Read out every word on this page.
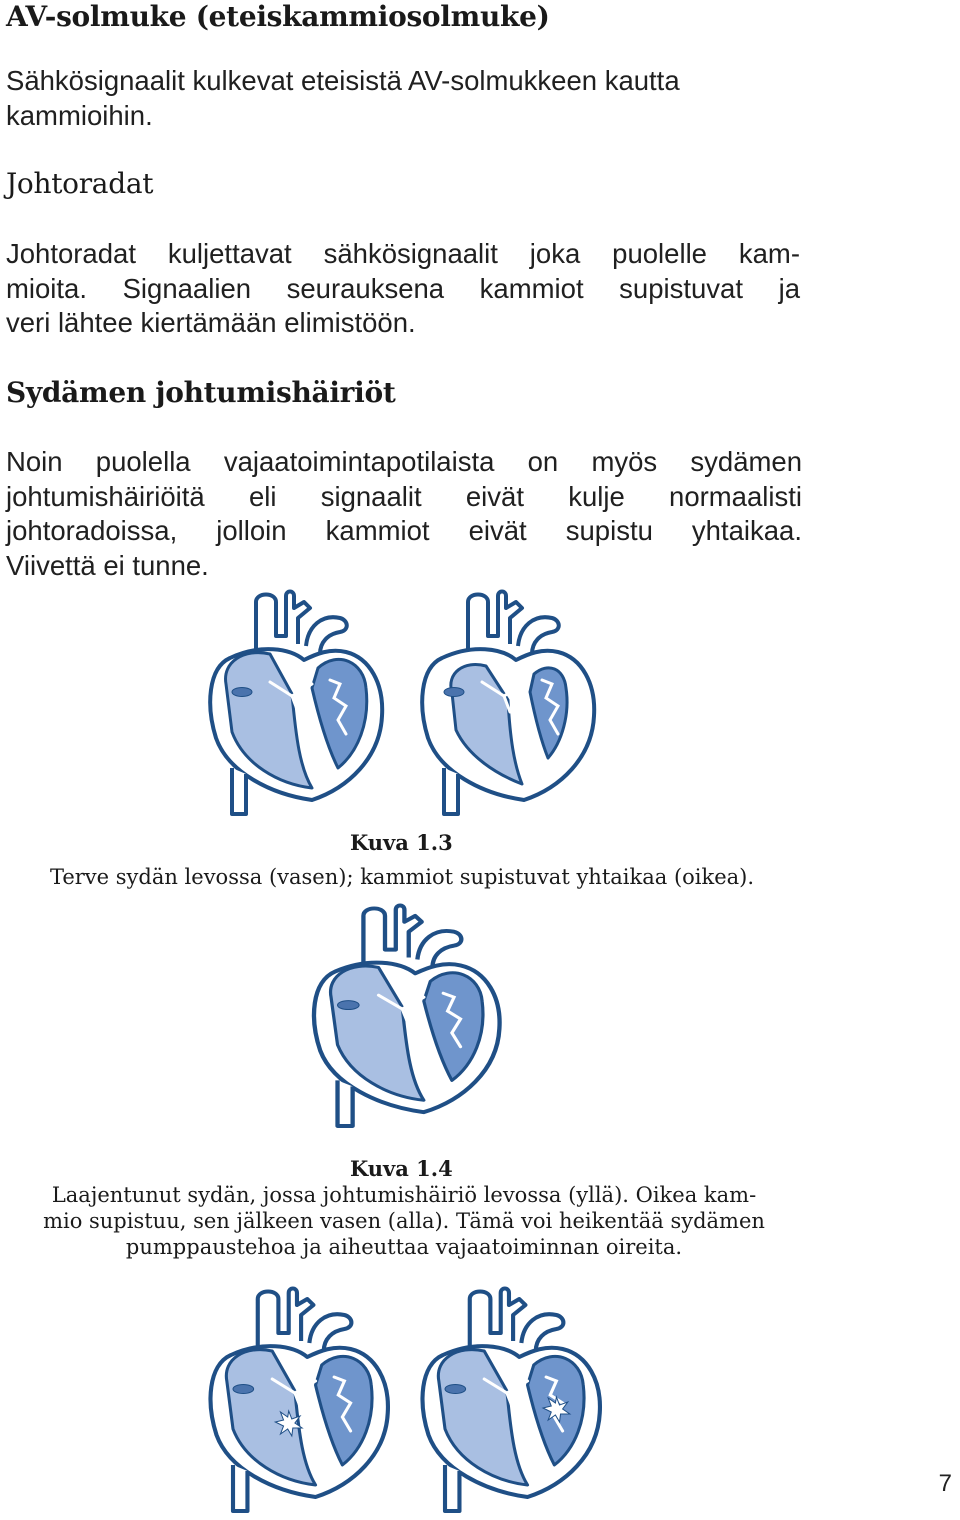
AV-solmuke (eteiskammiosolmuke)

Sähkösignaalit kulkevat eteisistä AV-solmukkeen kautta
kammioihin.

Johtoradat

Johtoradat kuljettavat sähkösignaalit joka puolelle kam-
mioita. Signaalien seurauksena kammiot supistuvat ja
veri lähtee kiertämään elimistöön.

Sydämen johtumishäiriöt

Noin puolella vajaatoimintapotilaista on myös sydämen
johtumishäiriöitä eli signaalit eivät kulje normaalisti
johtoradoissa, jolloin kammiot eivät supistu yhtaikaa.
Viivettä ei tunne.

Kuva 1.3

Terve sydän levossa (vasen); kammiot supistuvat yhtaikaa (oikea).

Kuva 1.4

Laajentunut sydän, jossa johtumishäiriö levossa (yllä). Oikea kam-
mio supistuu, sen jälkeen vasen (alla). Tämä voi heikentää sydämen
pumppaustehoa ja aiheuttaa vajaatoiminnan oireita.

7
